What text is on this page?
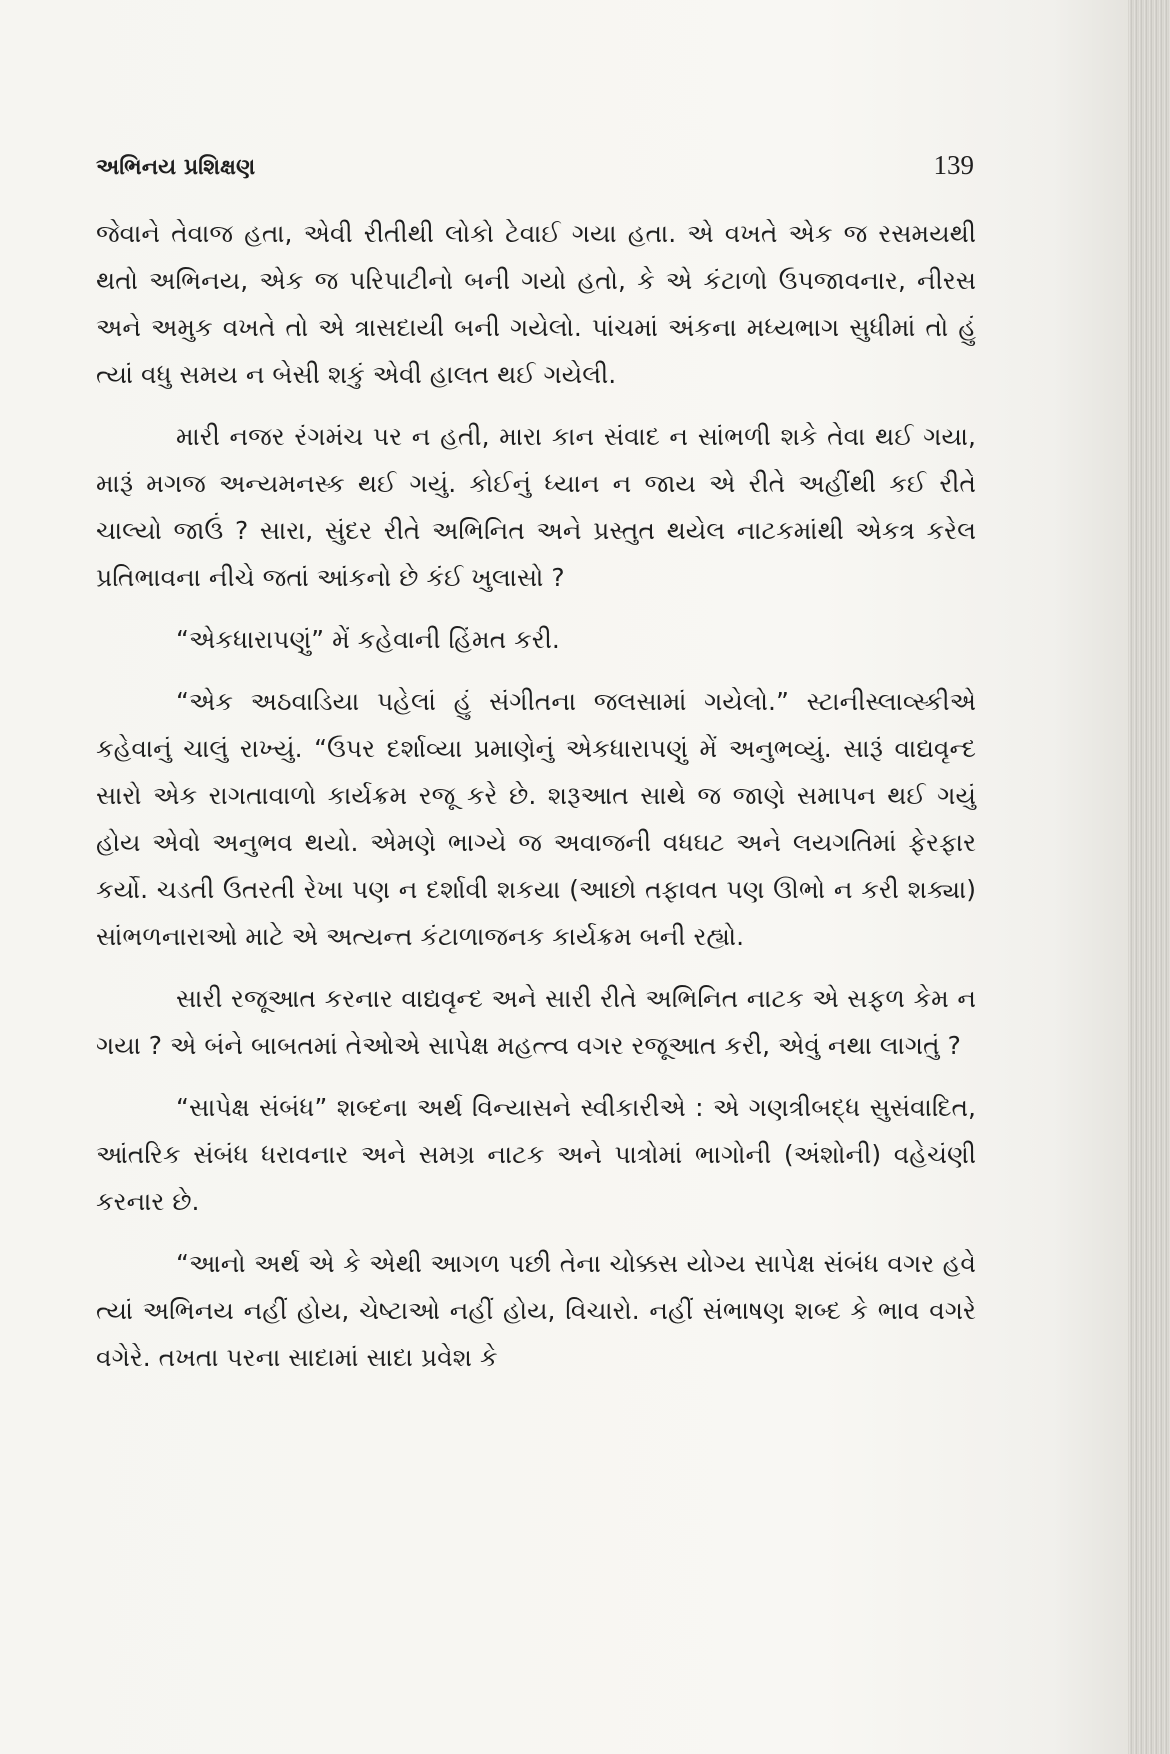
અભિનય પ્રશિક્ષણ	139

જેવાને તેવાજ હતા, એવી રીતીથી લોકો ટેવાઈ ગયા હતા. એ વખતે એક જ રસમયથી થતો અભિનય, એક જ પરિપાટીનો બની ગયો હતો, કે એ કંટાળો ઉપજાવનાર, નીરસ અને અમુક વખતે તો એ ત્રાસદાયી બની ગયેલો. પાંચમાં અંકના મધ્યભાગ સુધીમાં તો હું ત્યાં વધુ સમય ન બેસી શકું એવી હાલત થઈ ગયેલી.

મારી નજર રંગમંચ પર ન હતી, મારા કાન સંવાદ ન સાંભળી શકે તેવા થઈ ગયા, મારૂં મગજ અન્યમનસ્ક થઈ ગયું. કોઈનું ધ્યાન ન જાય એ રીતે અહીંથી કઈ રીતે ચાલ્યો જાઉં ? સારા, સુંદર રીતે અભિનિત અને પ્રસ્તુત થયેલ નાટકમાંથી એકત્ર કરેલ પ્રતિભાવના નીચે જતાં આંકનો છે કંઈ ખુલાસો ?

“એકધારાપણું” મેં કહેવાની હિંમત કરી.

“એક અઠવાડિયા પહેલાં હું સંગીતના જલસામાં ગયેલો.” સ્ટાનીસ્લાવ્સ્કીએ કહેવાનું ચાલું રાખ્યું. “ઉપર દર્શાવ્યા પ્રમાણેનું એકધારાપણું મેં અનુભવ્યું. સારૂં વાદ્યવૃન્દ સારો એક રાગતાવાળો કાર્યક્રમ રજૂ કરે છે. શરૂઆત સાથે જ જાણે સમાપન થઈ ગયું હોય એવો અનુભવ થયો. એમણે ભાગ્યે જ અવાજની વધઘટ અને લયગતિમાં ફેરફાર કર્યો. ચડતી ઉતરતી રેખા પણ ન દર્શાવી શકયા (આછો તફાવત પણ ઊભો ન કરી શક્યા) સાંભળનારાઓ માટે એ અત્યન્ત કંટાળાજનક કાર્યક્રમ બની રહ્યો.

સારી રજૂઆત કરનાર વાદ્યવૃન્દ અને સારી રીતે અભિનિત નાટક એ સફળ કેમ ન ગયા ? એ બંને બાબતમાં તેઓએ સાપેક્ષ મહત્ત્વ વગર રજૂઆત કરી, એવું નથા લાગતું ?

“સાપેક્ષ સંબંધ” શબ્દના અર્થ વિન્યાસને સ્વીકારીએ : એ ગણત્રીબદ્ધ સુસંવાદિત, આંતરિક સંબંધ ધરાવનાર અને સમગ્ર નાટક અને પાત્રોમાં ભાગોની (અંશોની) વહેચંણી કરનાર છે.

“આનો અર્થ એ કે એથી આગળ પછી તેના ચોક્કસ યોગ્ય સાપેક્ષ સંબંધ વગર હવે ત્યાં અભિનય નહીં હોય, ચેષ્ટાઓ નહીં હોય, વિચારો. નહીં સંભાષણ શબ્દ કે ભાવ વગરે વગેરે. તખતા પરના સાદામાં સાદા પ્રવેશ કે
